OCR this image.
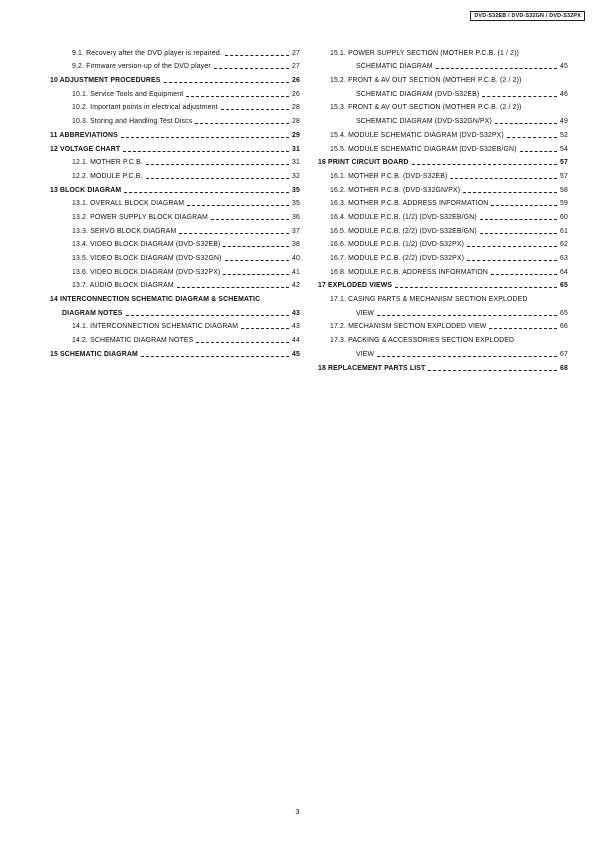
DVD-S32EB / DVD-S32GN / DVD-S32PX
9.1. Recovery after the DVD player is repaired.	27
9.2. Firmware version-up of the DVD player	27
10 ADJUSTMENT PROCEDURES	26
10.1. Service Tools and Equipment	26
10.2. Important points in electrical adjustment	28
10.3. Storing and Handling Test Discs	28
11 ABBREVIATIONS	29
12 VOLTAGE CHART	31
12.1. MOTHER P.C.B.	31
12.2. MODULE P.C.B.	32
13 BLOCK DIAGRAM	35
13.1. OVERALL BLOCK DIAGRAM	35
13.2. POWER SUPPLY BLOCK DIAGRAM	36
13.3. SERVO BLOCK DIAGRAM	37
13.4. VIDEO BLOCK DIAGRAM (DVD-S32EB)	38
13.5. VIDEO BLOCK DIAGRAM (DVD-S32GN)	40
13.6. VIDEO BLOCK DIAGRAM (DVD-S32PX)	41
13.7. AUDIO BLOCK DIAGRAM	42
14 INTERCONNECTION SCHEMATIC DIAGRAM & SCHEMATIC
DIAGRAM NOTES	43
14.1. INTERCONNECTION SCHEMATIC DIAGRAM	43
14.2. SCHEMATIC DIAGRAM NOTES	44
15 SCHEMATIC DIAGRAM	45
15.1. POWER SUPPLY SECTION (MOTHER P.C.B. (1 / 2))
SCHEMATIC DIAGRAM	45
15.2. FRONT & AV OUT SECTION (MOTHER P.C.B. (2 / 2))
SCHEMATIC DIAGRAM (DVD-S32EB)	46
15.3. FRONT & AV OUT SECTION (MOTHER P.C.B. (2 / 2))
SCHEMATIC DIAGRAM (DVD-S32GN/PX)	49
15.4. MODULE SCHEMATIC DIAGRAM (DVD-S32PX)	52
15.5. MODULE SCHEMATIC DIAGRAM (DVD-S32EB/GN)	54
16 PRINT CIRCUIT BOARD	57
16.1. MOTHER P.C.B. (DVD-S32EB)	57
16.2. MOTHER P.C.B. (DVD-S32GN/PX)	58
16.3. MOTHER P.C.B. ADDRESS INFORMATION	59
16.4. MODULE P.C.B. (1/2) (DVD-S32EB/GN)	60
16.5. MODULE P.C.B. (2/2) (DVD-S32EB/GN)	61
16.6. MODULE P.C.B. (1/2) (DVD-S32PX)	62
16.7. MODULE P.C.B. (2/2) (DVD-S32PX)	63
16.8. MODULE P.C.B. ADDRESS INFORMATION	64
17 EXPLODED VIEWS	65
17.1. CASING PARTS & MECHANISM SECTION EXPLODED
VIEW	65
17.2. MECHANISM SECTION EXPLODED VIEW	66
17.3. PACKING & ACCESSORIES SECTION EXPLODED
VIEW	67
18 REPLACEMENT PARTS LIST	68
3
